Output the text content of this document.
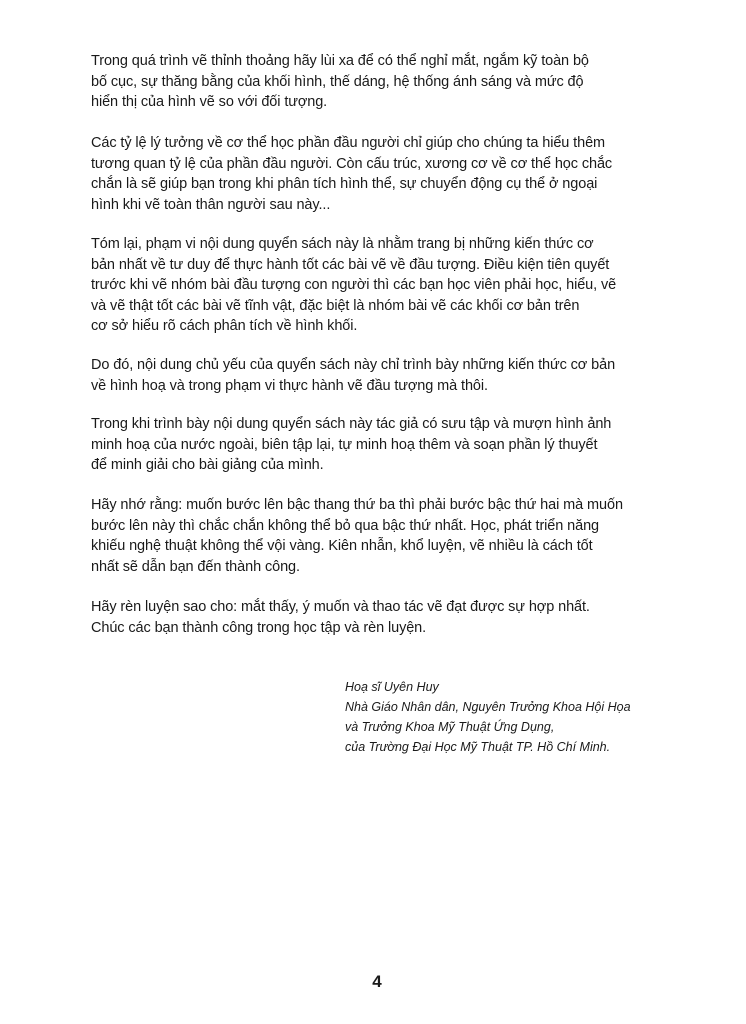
Trong quá trình vẽ thỉnh thoảng hãy lùi xa để có thể nghỉ mắt, ngắm kỹ toàn bộ
bố cục, sự thăng bằng của khối hình, thế dáng, hệ thống ánh sáng và mức độ
hiển thị của hình vẽ so với đối tượng.
Các tỷ lệ lý tưởng về cơ thể học phần đầu người chỉ giúp cho chúng ta hiểu thêm
tương quan tỷ lệ của phần đầu người. Còn cấu trúc, xương cơ về cơ thể học chắc
chắn là sẽ giúp bạn trong khi phân tích hình thể, sự chuyển động cụ thể ở ngoại
hình khi vẽ toàn thân người sau này...
Tóm lại, phạm vi nội dung quyển sách này là nhằm trang bị những kiến thức cơ
bản nhất về tư duy để thực hành tốt các bài vẽ về đầu tượng. Điều kiện tiên quyết
trước khi vẽ nhóm bài đầu tượng con người thì các bạn học viên phải học, hiểu, vẽ
và vẽ thật tốt các bài vẽ tĩnh vật, đặc biệt là nhóm bài vẽ các khối cơ bản trên
cơ sở hiểu rõ cách phân tích về hình khối.
Do đó, nội dung chủ yếu của quyển sách này chỉ trình bày những kiến thức cơ bản
về hình hoạ và trong phạm vi thực hành vẽ đầu tượng mà thôi.
Trong khi trình bày nội dung quyển sách này tác giả có sưu tập và mượn hình ảnh
minh hoạ của nước ngoài, biên tập lại, tự minh hoạ thêm và soạn phần lý thuyết
để minh giải cho bài giảng của mình.
Hãy nhớ rằng: muốn bước lên bậc thang thứ ba thì phải bước bậc thứ hai mà muốn
bước lên này thì chắc chắn không thể bỏ qua bậc thứ nhất. Học, phát triển năng
khiếu nghệ thuật không thể vội vàng. Kiên nhẫn, khổ luyện, vẽ nhiều là cách tốt
nhất sẽ dẫn bạn đến thành công.
Hãy rèn luyện sao cho: mắt thấy, ý muốn và thao tác vẽ đạt được sự hợp nhất.
Chúc các bạn thành công trong học tập và rèn luyện.
Hoạ sĩ Uyên Huy
Nhà Giáo Nhân dân, Nguyên Trưởng Khoa Hội Họa
và Trưởng Khoa Mỹ Thuật Ứng Dụng,
của Trường Đại Học Mỹ Thuật TP. Hồ Chí Minh.
4
